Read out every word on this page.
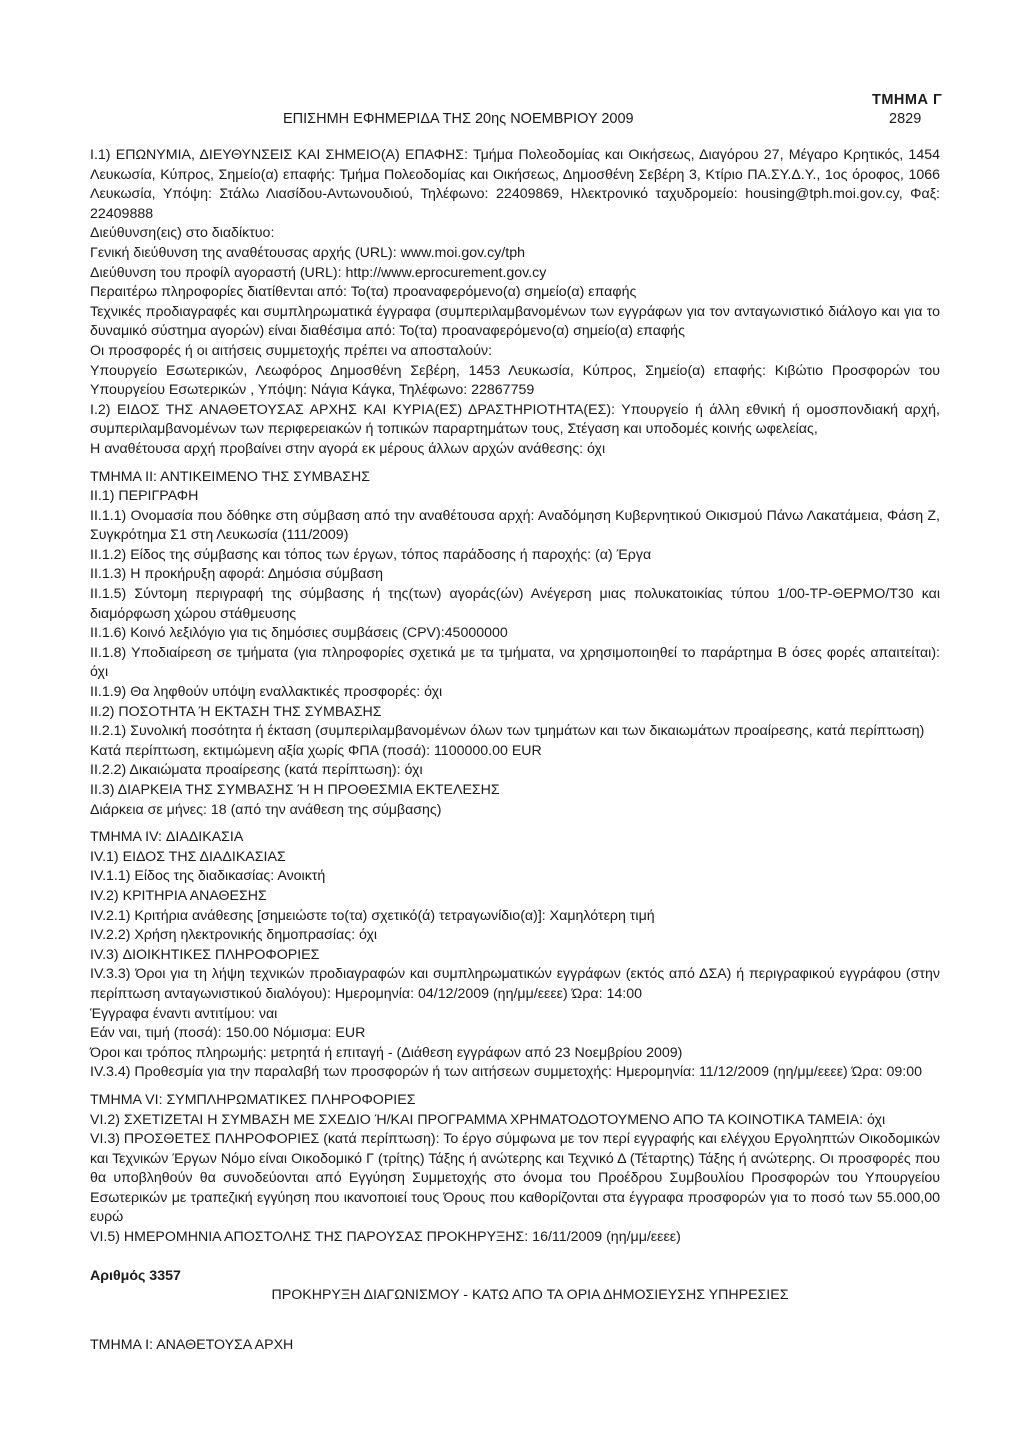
ΤΜΗΜΑ Γ
ΕΠΙΣΗΜΗ ΕΦΗΜΕΡΙΔΑ ΤΗΣ 20ης ΝΟΕΜΒΡΙΟΥ 2009	2829

Ι.1) ΕΠΩΝΥΜΙΑ, ΔΙΕΥΘΥΝΣΕΙΣ ΚΑΙ ΣΗΜΕΙΟ(Α) ΕΠΑΦΗΣ: Τμήμα Πολεοδομίας και Οικήσεως, Διαγόρου 27, Μέγαρο Κρητικός, 1454 Λευκωσία, Κύπρος, Σημείο(α) επαφής: Τμήμα Πολεοδομίας και Οικήσεως, Δημοσθένη Σεβέρη 3, Κτίριο ΠΑ.ΣΥ.Δ.Υ., 1ος όροφος, 1066 Λευκωσία, Υπόψη: Στάλω Λιασίδου-Αντωνουδιού, Τηλέφωνο: 22409869, Ηλεκτρονικό ταχυδρομείο: housing@tph.moi.gov.cy, Φαξ: 22409888

Διεύθυνση(εις) στο διαδίκτυο:

Γενική διεύθυνση της αναθέτουσας αρχής (URL): www.moi.gov.cy/tph

Διεύθυνση του προφίλ αγοραστή (URL): http://www.eprocurement.gov.cy

Περαιτέρω πληροφορίες διατίθενται από: Το(τα) προαναφερόμενο(α) σημείο(α) επαφής

Τεχνικές προδιαγραφές και συμπληρωματικά έγγραφα (συμπεριλαμβανομένων των εγγράφων για τον ανταγωνιστικό διάλογο και για το δυναμικό σύστημα αγορών) είναι διαθέσιμα από: Το(τα) προαναφερόμενο(α) σημείο(α) επαφής

Οι προσφορές ή οι αιτήσεις συμμετοχής πρέπει να αποσταλούν:

Υπουργείο Εσωτερικών, Λεωφόρος Δημοσθένη Σεβέρη, 1453 Λευκωσία, Κύπρος, Σημείο(α) επαφής: Κιβώτιο Προσφορών του Υπουργείου Εσωτερικών , Υπόψη: Νάγια Κάγκα, Τηλέφωνο: 22867759

Ι.2) ΕΙΔΟΣ ΤΗΣ ΑΝΑΘΕΤΟΥΣΑΣ ΑΡΧΗΣ ΚΑΙ ΚΥΡΙΑ(ΕΣ) ΔΡΑΣΤΗΡΙΟΤΗΤΑ(ΕΣ): Υπουργείο ή άλλη εθνική ή ομοσπονδιακή αρχή, συμπεριλαμβανομένων των περιφερειακών ή τοπικών παραρτημάτων τους, Στέγαση και υποδομές κοινής ωφελείας,

Η αναθέτουσα αρχή προβαίνει στην αγορά εκ μέρους άλλων αρχών ανάθεσης: όχι

ΤΜΗΜΑ ΙΙ: ΑΝΤΙΚΕΙΜΕΝΟ ΤΗΣ ΣΥΜΒΑΣΗΣ

ΙΙ.1) ΠΕΡΙΓΡΑΦΗ

ΙΙ.1.1) Ονομασία που δόθηκε στη σύμβαση από την αναθέτουσα αρχή: Αναδόμηση Κυβερνητικού Οικισμού Πάνω Λακατάμεια, Φάση Ζ, Συγκρότημα Σ1 στη Λευκωσία (111/2009)

ΙΙ.1.2) Είδος της σύμβασης και τόπος των έργων, τόπος παράδοσης ή παροχής: (α) Έργα

ΙΙ.1.3) Η προκήρυξη αφορά: Δημόσια σύμβαση

ΙΙ.1.5) Σύντομη περιγραφή της σύμβασης ή της(των) αγοράς(ών) Ανέγερση μιας πολυκατοικίας τύπου 1/00-TP-ΘΕΡΜΟ/Τ30 και διαμόρφωση χώρου στάθμευσης

ΙΙ.1.6) Κοινό λεξιλόγιο για τις δημόσιες συμβάσεις (CPV):45000000

ΙΙ.1.8) Υποδιαίρεση σε τμήματα (για πληροφορίες σχετικά με τα τμήματα, να χρησιμοποιηθεί το παράρτημα Β όσες φορές απαιτείται): όχι

ΙΙ.1.9) Θα ληφθούν υπόψη εναλλακτικές προσφορές: όχι

ΙΙ.2) ΠΟΣΟΤΗΤΑ Ή ΕΚΤΑΣΗ ΤΗΣ ΣΥΜΒΑΣΗΣ

ΙΙ.2.1) Συνολική ποσότητα ή έκταση (συμπεριλαμβανομένων όλων των τμημάτων και των δικαιωμάτων προαίρεσης, κατά περίπτωση)

Κατά περίπτωση, εκτιμώμενη αξία χωρίς ΦΠΑ (ποσά): 1100000.00 EUR

ΙΙ.2.2) Δικαιώματα προαίρεσης (κατά περίπτωση): όχι

ΙΙ.3) ΔΙΑΡΚΕΙΑ ΤΗΣ ΣΥΜΒΑΣΗΣ Ή Η ΠΡΟΘΕΣΜΙΑ ΕΚΤΕΛΕΣΗΣ

Διάρκεια σε μήνες: 18 (από την ανάθεση της σύμβασης)

ΤΜΗΜΑ IV: ΔΙΑΔΙΚΑΣΙΑ

IV.1) ΕΙΔΟΣ ΤΗΣ ΔΙΑΔΙΚΑΣΙΑΣ

IV.1.1) Είδος της διαδικασίας: Ανοικτή

IV.2) ΚΡΙΤΗΡΙΑ ΑΝΑΘΕΣΗΣ

IV.2.1) Κριτήρια ανάθεσης [σημειώστε το(τα) σχετικό(ά) τετραγωνίδιο(α)]: Χαμηλότερη τιμή

IV.2.2) Χρήση ηλεκτρονικής δημοπρασίας: όχι

IV.3) ΔΙΟΙΚΗΤΙΚΕΣ ΠΛΗΡΟΦΟΡΙΕΣ

IV.3.3) Όροι για τη λήψη τεχνικών προδιαγραφών και συμπληρωματικών εγγράφων (εκτός από ΔΣΑ) ή περιγραφικού εγγράφου (στην περίπτωση ανταγωνιστικού διαλόγου): Ημερομηνία: 04/12/2009 (ηη/μμ/εεεε) Ώρα: 14:00

Έγγραφα έναντι αντιτίμου: ναι

Εάν ναι, τιμή (ποσά): 150.00 Νόμισμα: EUR

Όροι και τρόπος πληρωμής: μετρητά ή επιταγή - (Διάθεση εγγράφων από 23 Νοεμβρίου 2009)

IV.3.4) Προθεσμία για την παραλαβή των προσφορών ή των αιτήσεων συμμετοχής: Ημερομηνία: 11/12/2009 (ηη/μμ/εεεε) Ώρα: 09:00

ΤΜΗΜΑ VI: ΣΥΜΠΛΗΡΩΜΑΤΙΚΕΣ ΠΛΗΡΟΦΟΡΙΕΣ

VI.2) ΣΧΕΤΙΖΕΤΑΙ Η ΣΥΜΒΑΣΗ ΜΕ ΣΧΕΔΙΟ Ή/ΚΑΙ ΠΡΟΓΡΑΜΜΑ ΧΡΗΜΑΤΟΔΟΤΟΥΜΕΝΟ ΑΠΟ ΤΑ ΚΟΙΝΟΤΙΚΑ ΤΑΜΕΙΑ: όχι

VI.3) ΠΡΟΣΘΕΤΕΣ ΠΛΗΡΟΦΟΡΙΕΣ (κατά περίπτωση): Το έργο σύμφωνα με τον περί εγγραφής και ελέγχου Εργοληπτών Οικοδομικών και Τεχνικών Έργων Νόμο είναι Οικοδομικό Γ (τρίτης) Τάξης ή ανώτερης και Τεχνικό Δ (Τέταρτης) Τάξης ή ανώτερης. Οι προσφορές που θα υποβληθούν θα συνοδεύονται από Εγγύηση Συμμετοχής στο όνομα του Προέδρου Συμβουλίου Προσφορών του Υπουργείου Εσωτερικών με τραπεζική εγγύηση που ικανοποιεί τους Όρους που καθορίζονται στα έγγραφα προσφορών για το ποσό των 55.000,00 ευρώ

VI.5) ΗΜΕΡΟΜΗΝΙΑ ΑΠΟΣΤΟΛΗΣ ΤΗΣ ΠΑΡΟΥΣΑΣ ΠΡΟΚΗΡΥΞΗΣ: 16/11/2009 (ηη/μμ/εεεε)

Αριθμός 3357
ΠΡΟΚΗΡΥΞΗ ΔΙΑΓΩΝΙΣΜΟΥ - ΚΑΤΩ ΑΠΟ ΤΑ ΟΡΙΑ ΔΗΜΟΣΙΕΥΣΗΣ ΥΠΗΡΕΣΙΕΣ
ΤΜΗΜΑ Ι: ΑΝΑΘΕΤΟΥΣΑ ΑΡΧΗ
